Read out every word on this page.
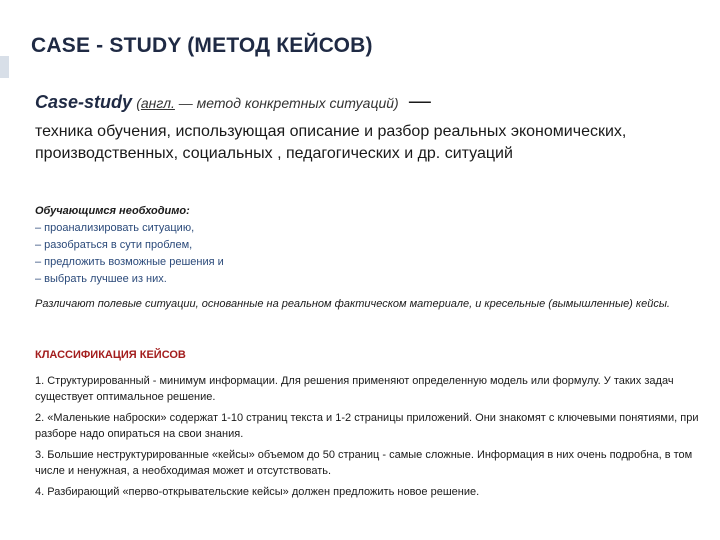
CASE - STUDY (МЕТОД КЕЙСОВ)
Case-study (англ. — метод конкретных ситуаций) —
техника обучения, использующая описание и разбор реальных экономических, производственных, социальных , педагогических и др. ситуаций
Обучающимся необходимо:
– проанализировать ситуацию,
– разобраться в сути проблем,
– предложить возможные решения и
– выбрать лучшее из них.
Различают полевые ситуации, основанные на реальном фактическом материале, и кресельные (вымышленные) кейсы.
КЛАССИФИКАЦИЯ КЕЙСОВ
1. Структурированный - минимум информации. Для решения применяют определенную модель или формулу. У таких задач существует оптимальное решение.
2. «Маленькие наброски» содержат 1-10 страниц текста и 1-2 страницы приложений. Они знакомят с ключевыми понятиями, при разборе надо опираться на свои знания.
3. Большие неструктурированные «кейсы» объемом до 50 страниц - самые сложные. Информация в них очень подробна, в том числе и ненужная, а необходимая может и отсутствовать.
4. Разбирающий «перво-открывательские кейсы» должен предложить новое решение.
